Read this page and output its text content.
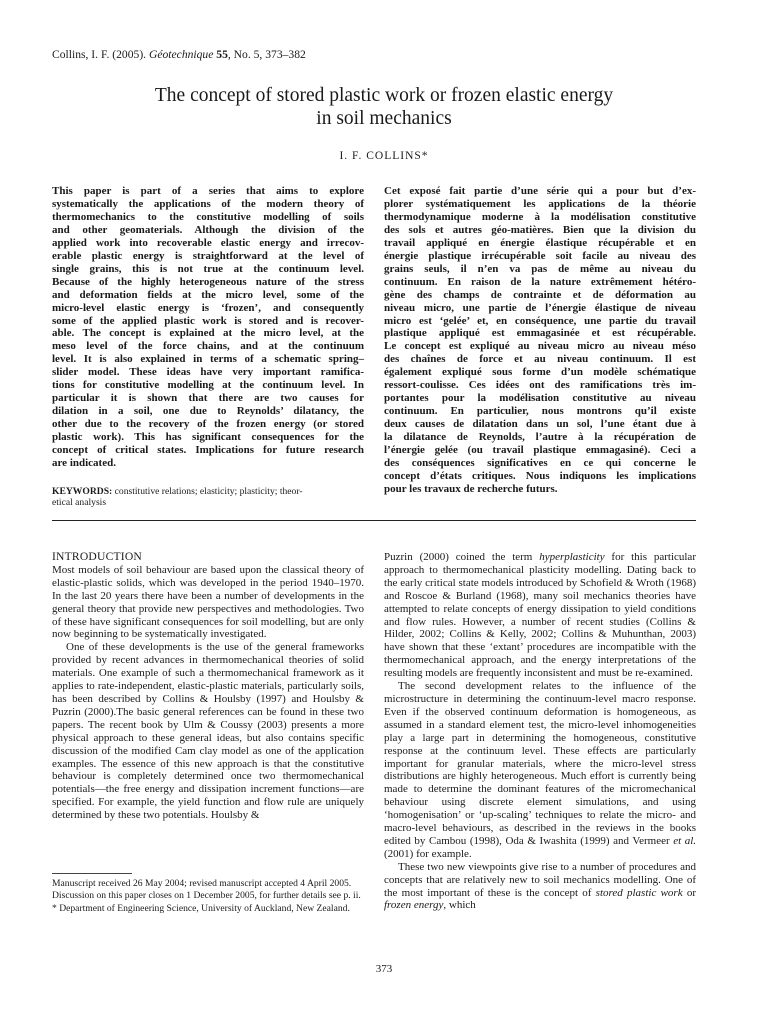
Collins, I. F. (2005). Géotechnique 55, No. 5, 373–382
The concept of stored plastic work or frozen elastic energy
in soil mechanics
I. F. COLLINS*
This paper is part of a series that aims to explore
systematically the applications of the modern theory of
thermomechanics to the constitutive modelling of soils
and other geomaterials. Although the division of the
applied work into recoverable elastic energy and irrecov-
erable plastic energy is straightforward at the level of
single grains, this is not true at the continuum level.
Because of the highly heterogeneous nature of the stress
and deformation fields at the micro level, some of the
micro-level elastic energy is ‘frozen’, and consequently
some of the applied plastic work is stored and is recover-
able. The concept is explained at the micro level, at the
meso level of the force chains, and at the continuum
level. It is also explained in terms of a schematic spring–
slider model. These ideas have very important ramifica-
tions for constitutive modelling at the continuum level. In
particular it is shown that there are two causes for
dilation in a soil, one due to Reynolds’ dilatancy, the
other due to the recovery of the frozen energy (or stored
plastic work). This has significant consequences for the
concept of critical states. Implications for future research
are indicated.
Cet exposé fait partie d’une série qui a pour but d’ex-
plorer systématiquement les applications de la théorie
thermodynamique moderne à la modélisation constitutive
des sols et autres géo-matières. Bien que la division du
travail appliqué en énergie élastique récupérable et en
énergie plastique irrécupérable soit facile au niveau des
grains seuls, il n’en va pas de même au niveau du
continuum. En raison de la nature extrêmement hétéro-
gène des champs de contrainte et de déformation au
niveau micro, une partie de l’énergie élastique de niveau
micro est ‘gelée’ et, en conséquence, une partie du travail
plastique appliqué est emmagasinée et est récupérable.
Le concept est expliqué au niveau micro au niveau méso
des chaînes de force et au niveau continuum. Il est
également expliqué sous forme d’un modèle schématique
ressort-coulisse. Ces idées ont des ramifications très im-
portantes pour la modélisation constitutive au niveau
continuum. En particulier, nous montrons qu’il existe
deux causes de dilatation dans un sol, l’une étant due à
la dilatance de Reynolds, l’autre à la récupération de
l’énergie gelée (ou travail plastique emmagasiné). Ceci a
des conséquences significatives en ce qui concerne le
concept d’états critiques. Nous indiquons les implications
pour les travaux de recherche futurs.
KEYWORDS: constitutive relations; elasticity; plasticity; theor-
etical analysis
INTRODUCTION

Most models of soil behaviour are based upon the classical theory of elastic-plastic solids, which was developed in the period 1940–1970. In the last 20 years there have been a number of developments in the general theory that provide new perspectives and methodologies. Two of these have significant consequences for soil modelling, but are only now beginning to be systematically investigated.

One of these developments is the use of the general frameworks provided by recent advances in thermomechanical theories of solid materials. One example of such a thermomechanical framework as it applies to rate-independent, elastic-plastic materials, particularly soils, has been described by Collins & Houlsby (1997) and Houlsby & Puzrin (2000).The basic general references can be found in these two papers. The recent book by Ulm & Coussy (2003) presents a more physical approach to these general ideas, but also contains specific discussion of the modified Cam clay model as one of the application examples. The essence of this new approach is that the constitutive behaviour is completely determined once two thermomechanical potentials—the free energy and dissipation increment functions—are specified. For example, the yield function and flow rule are uniquely determined by these two potentials. Houlsby &

Puzrin (2000) coined the term hyperplasticity for this particular approach to thermomechanical plasticity modelling. Dating back to the early critical state models introduced by Schofield & Wroth (1968) and Roscoe & Burland (1968), many soil mechanics theories have attempted to relate concepts of energy dissipation to yield conditions and flow rules. However, a number of recent studies (Collins & Hilder, 2002; Collins & Kelly, 2002; Collins & Muhunthan, 2003) have shown that these ‘extant’ procedures are incompatible with the thermomechanical approach, and the energy interpretations of the resulting models are frequently inconsistent and must be re-examined.

The second development relates to the influence of the microstructure in determining the continuum-level macro response. Even if the observed continuum deformation is homogeneous, as assumed in a standard element test, the micro-level inhomogeneities play a large part in determining the homogeneous, constitutive response at the continuum level. These effects are particularly important for granular materials, where the micro-level stress distributions are highly heterogeneous. Much effort is currently being made to determine the dominant features of the micromechanical behaviour using discrete element simulations, and using ‘homogenisation’ or ‘up-scaling’ techniques to relate the micro- and macro-level behaviours, as described in the reviews in the books edited by Cambou (1998), Oda & Iwashita (1999) and Vermeer et al. (2001) for example.

These two new viewpoints give rise to a number of procedures and concepts that are relatively new to soil mechanics modelling. One of the most important of these is the concept of stored plastic work or frozen energy, which

Manuscript received 26 May 2004; revised manuscript accepted 4 April 2005.
Discussion on this paper closes on 1 December 2005, for further details see p. ii.
* Department of Engineering Science, University of Auckland, New Zealand.
373
